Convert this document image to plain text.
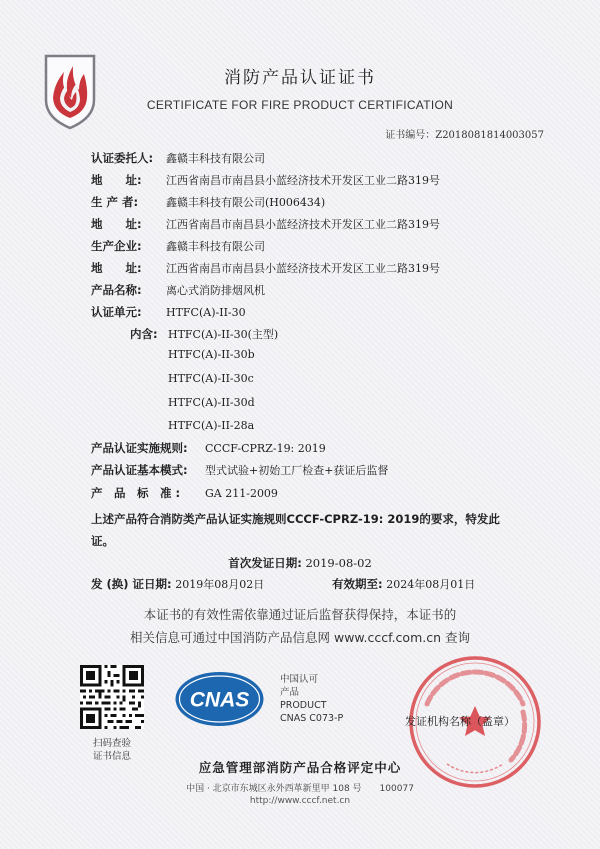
消防产品认证证书
CERTIFICATE FOR FIRE PRODUCT CERTIFICATION
证书编号：Z2018081814003057
认证委托人: 鑫赣丰科技有限公司
地　　址: 江西省南昌市南昌县小蓝经济技术开发区工业二路319号
生 产 者:	鑫赣丰科技有限公司(H006434)
地　　址: 江西省南昌市南昌县小蓝经济技术开发区工业二路319号
生产企业: 鑫赣丰科技有限公司
地　　址: 江西省南昌市南昌县小蓝经济技术开发区工业二路319号
产品名称: 离心式消防排烟风机
认证单元: HTFC(A)-II-30
内含: HTFC(A)-II-30(主型)
HTFC(A)-II-30b
HTFC(A)-II-30c
HTFC(A)-II-30d
HTFC(A)-II-28a
产品认证实施规则: CCCF-CPRZ-19: 2019
产品认证基本模式: 型式试验+初始工厂检查+获证后监督
产　品　标　准 : GA 211-2009
上述产品符合消防类产品认证实施规则CCCF-CPRZ-19: 2019的要求，特发此证。
首次发证日期: 2019-08-02
发 (换) 证日期: 2019年08月02日	有效期至: 2024年08月01日
本证书的有效性需依靠通过证后监督获得保持，本证书的
相关信息可通过中国消防产品信息网 www.cccf.com.cn 查询
扫码查验
证书信息
CNAS
中国认可
产品
PRODUCT
CNAS C073-P	发证机构名称（盖章）
应急管理部消防产品合格评定中心
中国 · 北京市东城区永外西革新里甲 108 号　　100077
http://www.cccf.net.cn
